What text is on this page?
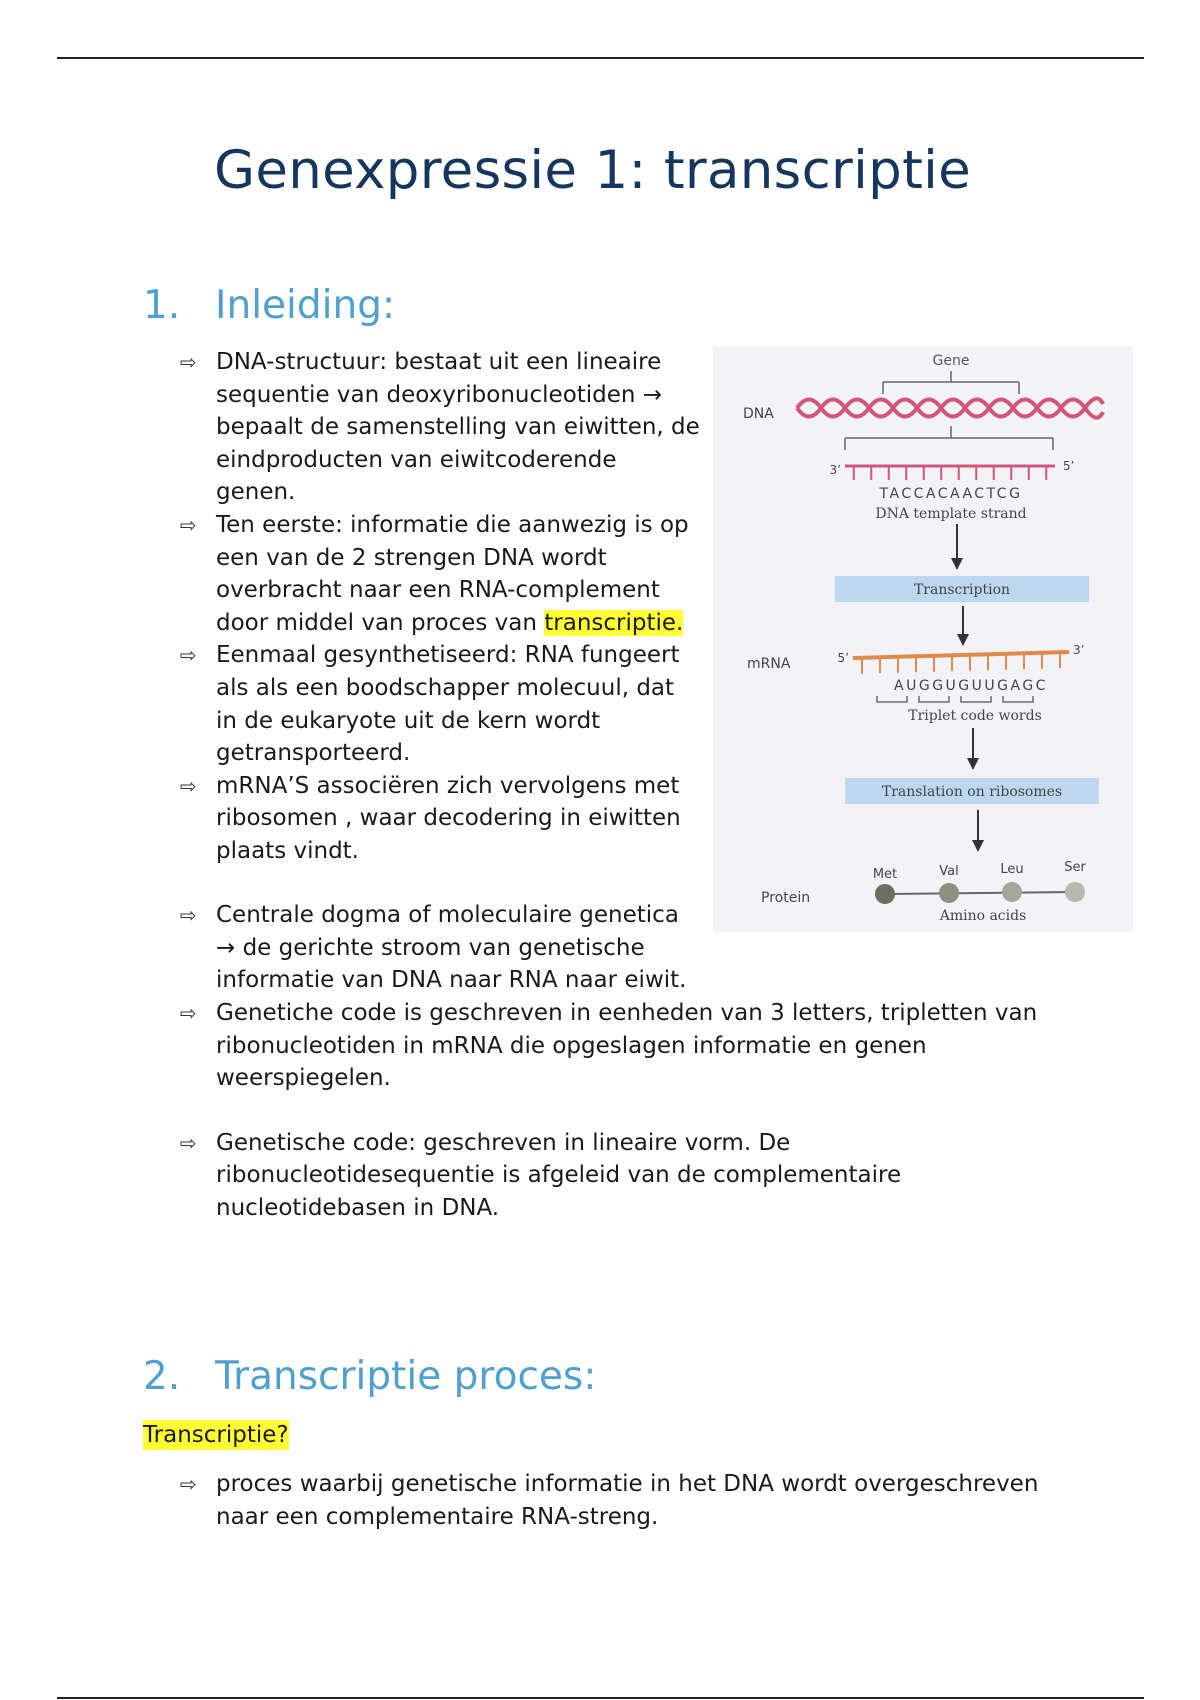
Genexpressie 1: transcriptie
1. Inleiding:
⇨ DNA-structuur: bestaat uit een lineaire sequentie van deoxyribonucleotiden → bepaalt de samenstelling van eiwitten, de eindproducten van eiwitcoderende genen.
⇨ Ten eerste: informatie die aanwezig is op een van de 2 strengen DNA wordt overbracht naar een RNA-complement door middel van proces van transcriptie.
⇨ Eenmaal gesynthetiseerd: RNA fungeert als als een boodschapper molecuul, dat in de eukaryote uit de kern wordt getransporteerd.
⇨ mRNA’S associëren zich vervolgens met ribosomen , waar decodering in eiwitten plaats vindt.
⇨ Centrale dogma of moleculaire genetica → de gerichte stroom van genetische informatie van DNA naar RNA naar eiwit.
⇨ Genetiche code is geschreven in eenheden van 3 letters, tripletten van ribonucleotiden in mRNA die opgeslagen informatie en genen weerspiegelen.
⇨ Genetische code: geschreven in lineaire vorm. De ribonucleotidesequentie is afgeleid van de complementaire nucleotidebasen in DNA.
Gene
DNA
3’	5’
TACCACAACTCG
DNA template strand
Transcription
mRNA	5’
3’
AUGGUGUUGAGC
Triplet code words
Translation on ribosomes
Protein
Met	Val	Leu	Ser
Amino acids
2. Transcriptie proces:
Transcriptie?
⇨ proces waarbij genetische informatie in het DNA wordt overgeschreven naar een complementaire RNA-streng.
